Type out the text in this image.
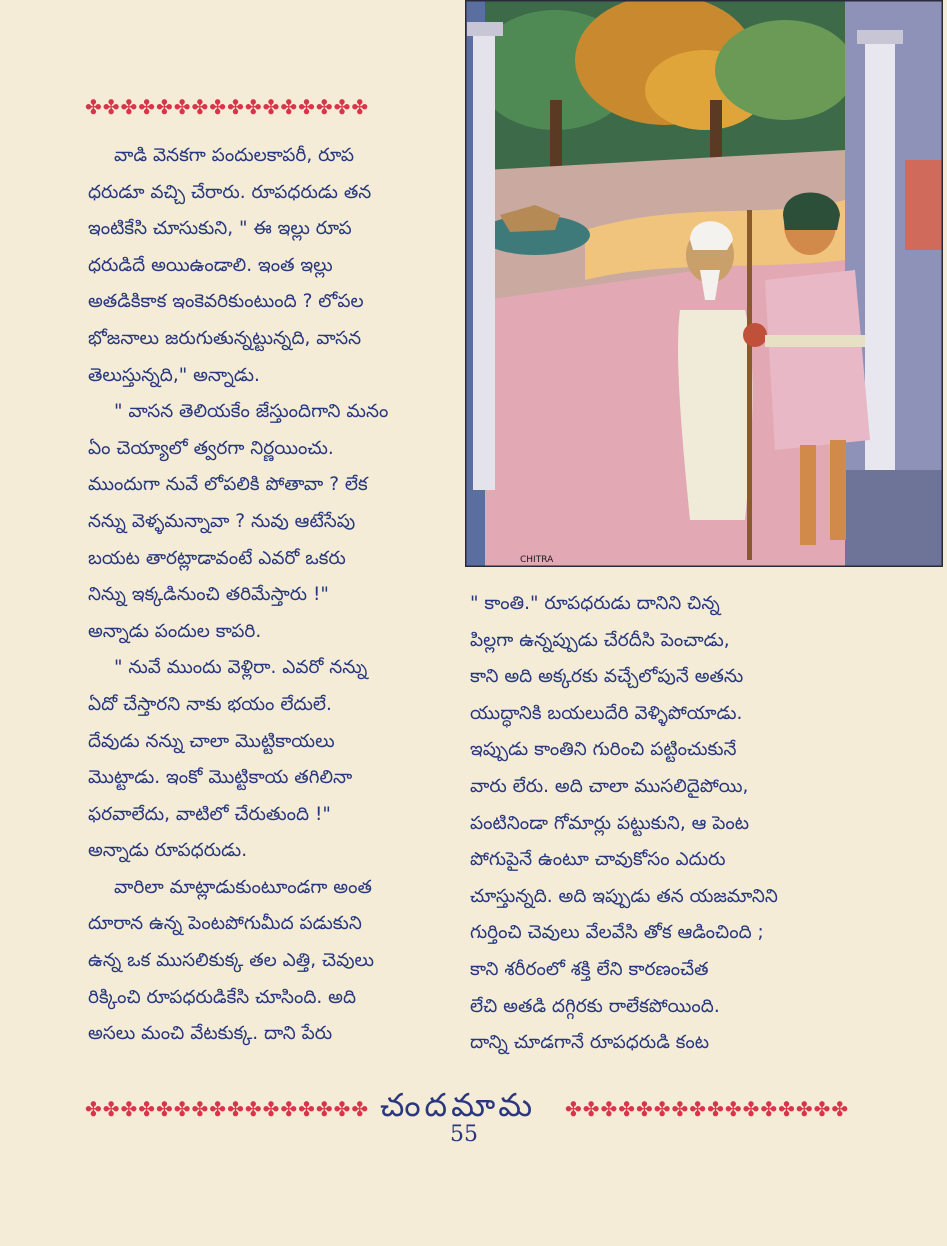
✤✤✤✤✤✤✤✤✤✤✤✤✤✤✤✤
వాడి వెనకగా పందులకాపరీ, రూప
ధరుడూ వచ్చి చేరారు. రూపధరుడు తన
ఇంటికేసి చూసుకుని, " ఈ ఇల్లు రూప
ధరుడిదే అయిఉండాలి. ఇంత ఇల్లు
అతడికికాక ఇంకెవరికుంటుంది ? లోపల
భోజనాలు జరుగుతున్నట్టున్నది, వాసన
తెలుస్తున్నది," అన్నాడు.
" వాసన తెలియకేం జేస్తుందిగాని మనం
ఏం చెయ్యాలో త్వరగా నిర్ణయించు.
ముందుగా నువే లోపలికి పోతావా ? లేక
నన్ను వెళ్ళమన్నావా ? నువు ఆటేసేపు
బయట తారట్లాడావంటే ఎవరో ఒకరు
నిన్ను ఇక్కడినుంచి తరిమేస్తారు !"
అన్నాడు పందుల కాపరి.
" నువే ముందు వెళ్లిరా. ఎవరో నన్ను
ఏదో చేస్తారని నాకు భయం లేదులే.
దేవుడు నన్ను చాలా మొట్టికాయలు
మొట్టాడు. ఇంకో మొట్టికాయ తగిలినా
ఫరవాలేదు, వాటిలో చేరుతుంది !"
అన్నాడు రూపధరుడు.
వారిలా మాట్లాడుకుంటూండగా అంత
దూరాన ఉన్న పెంటపోగుమీద పడుకుని
ఉన్న ఒక ముసలికుక్క తల ఎత్తి, చెవులు
రిక్కించి రూపధరుడికేసి చూసింది. అది
అసలు మంచి వేటకుక్క. దాని పేరు
CHITRA
" కాంతి." రూపధరుడు దానిని చిన్న
పిల్లగా ఉన్నప్పుడు చేరదీసి పెంచాడు,
కాని అది అక్కరకు వచ్చేలోపునే అతను
యుద్ధానికి బయలుదేరి వెళ్ళిపోయాడు.
ఇప్పుడు కాంతిని గురించి పట్టించుకునే
వారు లేరు. అది చాలా ముసలిదైపోయి,
పంటినిండా గోమార్లు పట్టుకుని, ఆ పెంట
పోగుపైనే ఉంటూ చావుకోసం ఎదురు
చూస్తున్నది. అది ఇప్పుడు తన యజమానిని
గుర్తించి చెవులు వేలవేసి తోక ఆడించింది ;
కాని శరీరంలో శక్తి లేని కారణంచేత
లేచి అతడి దగ్గిరకు రాలేకపోయింది.
దాన్ని చూడగానే రూపధరుడి కంట
✤✤✤✤✤✤✤✤✤✤✤✤✤✤✤✤ చందమామ ✤✤✤✤✤✤✤✤✤✤✤✤✤✤✤✤
55
